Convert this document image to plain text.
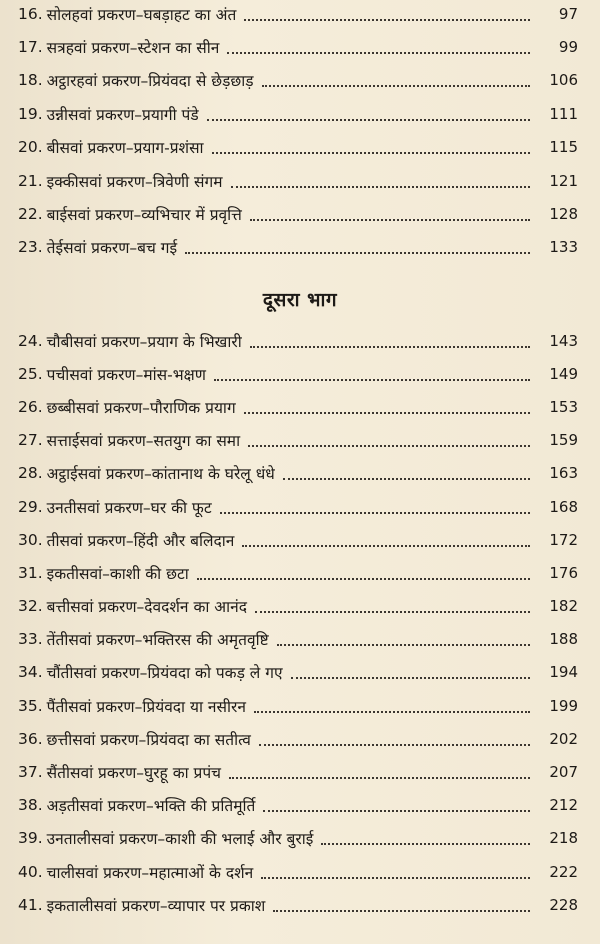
16. सोलहवां प्रकरण–घबड़ाहट का अंत	97
17. सत्रहवां प्रकरण–स्टेशन का सीन	99
18. अट्ठारहवां प्रकरण–प्रियंवदा से छेड़छाड़	106
19. उन्नीसवां प्रकरण–प्रयागी पंडे	111
20. बीसवां प्रकरण–प्रयाग-प्रशंसा	115
21. इक्कीसवां प्रकरण–त्रिवेणी संगम	121
22. बाईसवां प्रकरण–व्यभिचार में प्रवृत्ति	128
23. तेईसवां प्रकरण–बच गई	133
दूसरा भाग
24. चौबीसवां प्रकरण–प्रयाग के भिखारी	143
25. पचीसवां प्रकरण–मांस-भक्षण	149
26. छब्बीसवां प्रकरण–पौराणिक प्रयाग	153
27. सत्ताईसवां प्रकरण–सतयुग का समा	159
28. अट्ठाईसवां प्रकरण–कांतानाथ के घरेलू धंधे	163
29. उनतीसवां प्रकरण–घर की फूट	168
30. तीसवां प्रकरण–हिंदी और बलिदान	172
31. इकतीसवां–काशी की छटा	176
32. बत्तीसवां प्रकरण–देवदर्शन का आनंद	182
33. तेंतीसवां प्रकरण–भक्तिरस की अमृतवृष्टि	188
34. चौंतीसवां प्रकरण–प्रियंवदा को पकड़ ले गए	194
35. पैंतीसवां प्रकरण–प्रियंवदा या नसीरन	199
36. छत्तीसवां प्रकरण–प्रियंवदा का सतीत्व	202
37. सैंतीसवां प्रकरण–घुरहू का प्रपंच	207
38. अड़तीसवां प्रकरण–भक्ति की प्रतिमूर्ति	212
39. उनतालीसवां प्रकरण–काशी की भलाई और बुराई	218
40. चालीसवां प्रकरण–महात्माओं के दर्शन	222
41. इकतालीसवां प्रकरण–व्यापार पर प्रकाश	228
